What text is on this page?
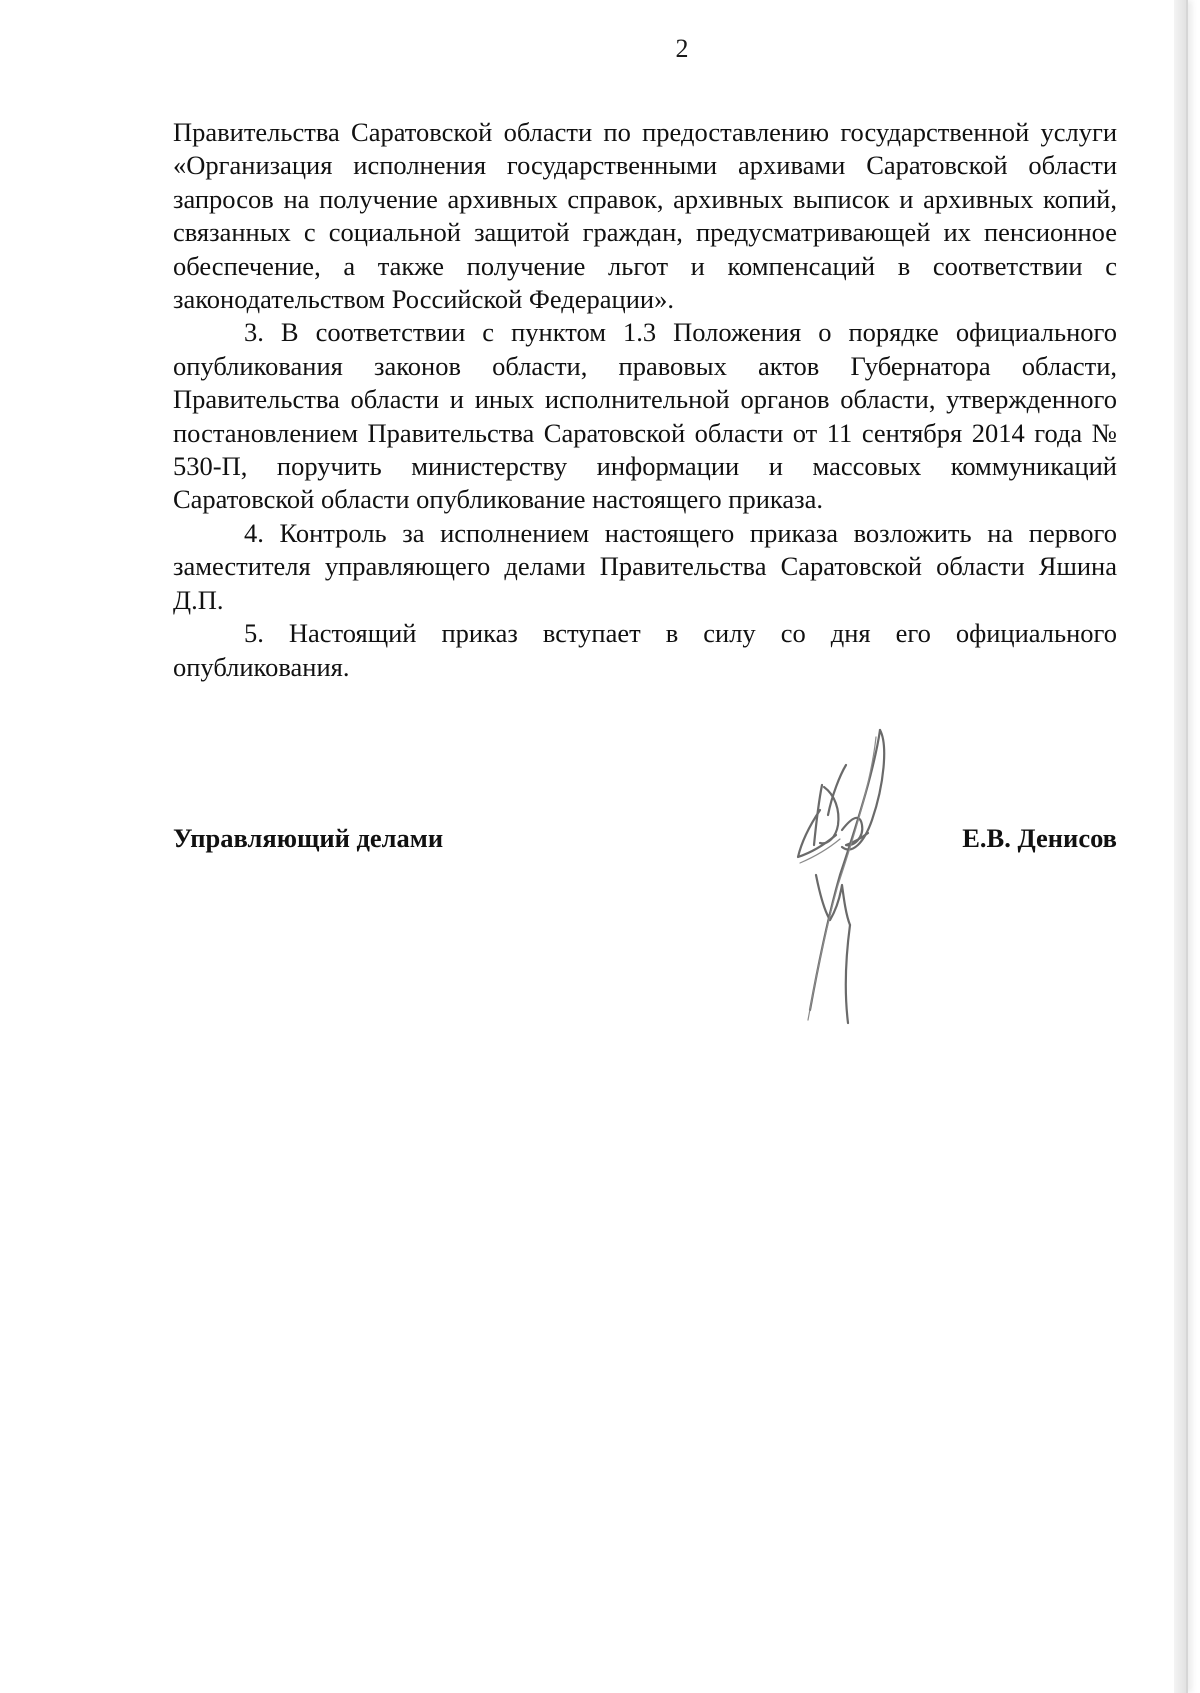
2

Правительства Саратовской области по предоставлению государственной услуги «Организация исполнения государственными архивами Саратовской области запросов на получение архивных справок, архивных выписок и архивных копий, связанных с социальной защитой граждан, предусматривающей их пенсионное обеспечение, а также получение льгот и компенсаций в соответствии с законодательством Российской Федерации».

3. В соответствии с пунктом 1.3 Положения о порядке официального опубликования законов области, правовых актов Губернатора области, Правительства области и иных исполнительной органов области, утвержденного постановлением Правительства Саратовской области от 11 сентября 2014 года № 530-П, поручить министерству информации и массовых коммуникаций Саратовской области опубликование настоящего приказа.

4. Контроль за исполнением настоящего приказа возложить на первого заместителя управляющего делами Правительства Саратовской области Яшина Д.П.

5. Настоящий приказ вступает в силу со дня его официального опубликования.

Управляющий делами	Е.В. Денисов
